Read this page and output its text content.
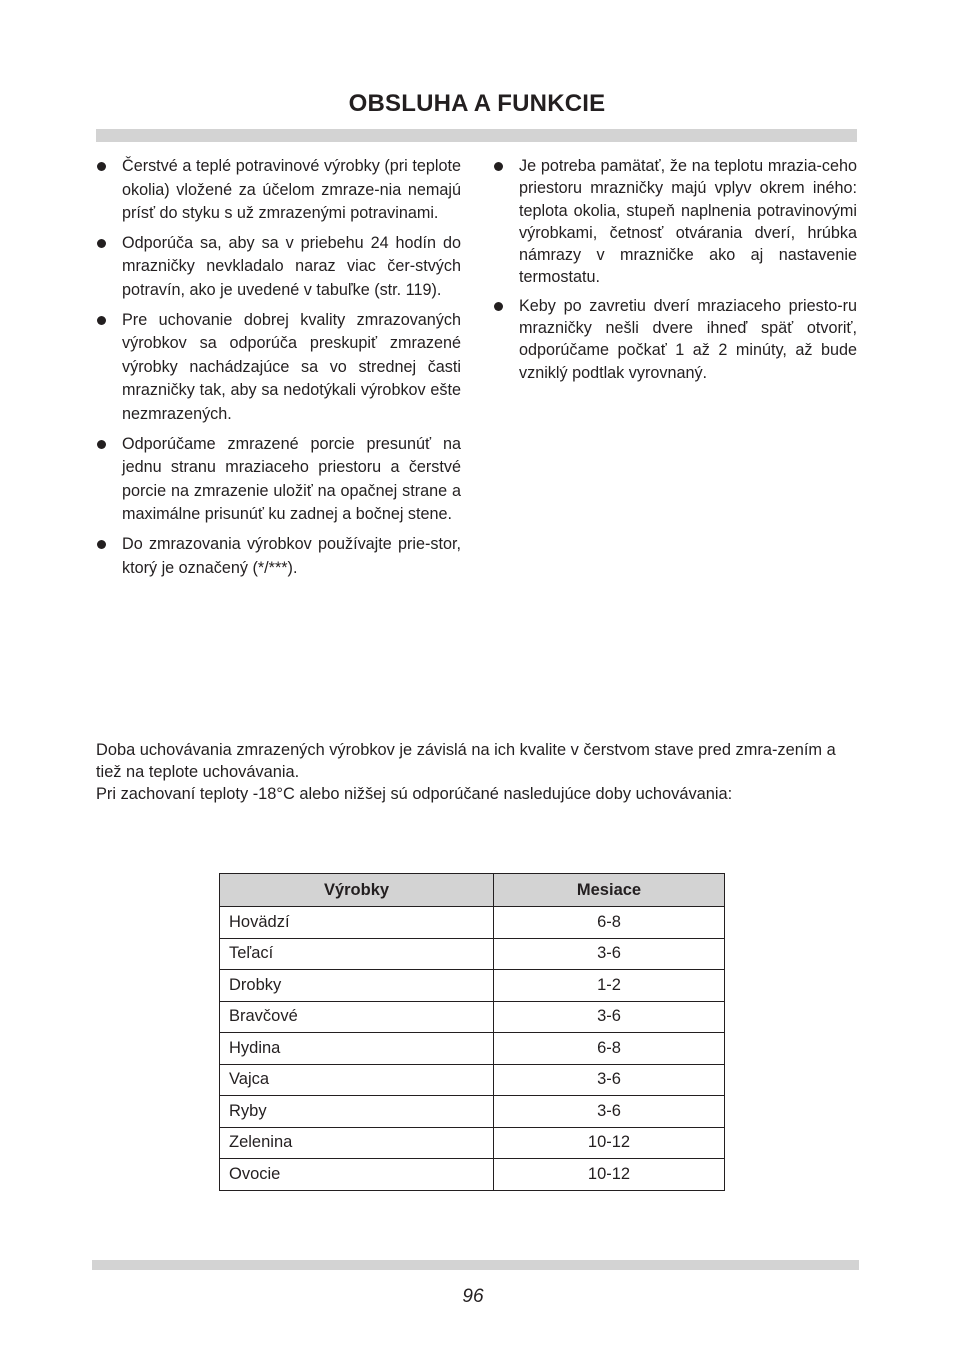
OBSLUHA A FUNKCIE
Čerstvé a teplé potravinové výrobky (pri teplote okolia) vložené za účelom zmraze-nia nemajú prísť do styku s už zmrazenými potravinami.
Odporúča sa, aby sa v priebehu 24 hodín do mrazničky nevkladalo naraz viac čer-stvých potravín, ako je uvedené v tabuľke (str. 119).
Pre uchovanie dobrej kvality zmrazovaných výrobkov sa odporúča preskupiť zmrazené výrobky nachádzajúce sa vo strednej časti mrazničky tak, aby sa nedotýkali výrobkov ešte nezmrazených.
Odporúčame zmrazené porcie presunúť na jednu stranu mraziaceho priestoru a čerstvé porcie na zmrazenie uložiť na opačnej strane a maximálne prisunúť ku zadnej a bočnej stene.
Do zmrazovania výrobkov používajte prie-stor, ktorý je označený (*/***).
Je potreba pamätať, že na teplotu mrazia-ceho priestoru mrazničky majú vplyv okrem iného: teplota okolia, stupeň naplnenia potravinovými výrobkami, četnosť otvárania dverí, hrúbka námrazy v mrazničke ako aj nastavenie termostatu.
Keby po zavretiu dverí mraziaceho priesto-ru mrazničky nešli dvere ihneď späť otvoriť, odporúčame počkať 1 až 2 minúty, až bude vzniklý podtlak vyrovnaný.

Doba uchovávania zmrazených výrobkov je závislá na ich kvalite v čerstvom stave pred zmra-zením a tiež na teplote uchovávania.

Pri zachovaní teploty -18°C alebo nižšej sú odporúčané nasledujúce doby uchovávania:

Výrobky	Mesiace
Hovädzí	6-8
Teľací	3-6
Drobky	1-2
Bravčové	3-6
Hydina	6-8
Vajca	3-6
Ryby	3-6
Zelenina	10-12
Ovocie	10-12
96
